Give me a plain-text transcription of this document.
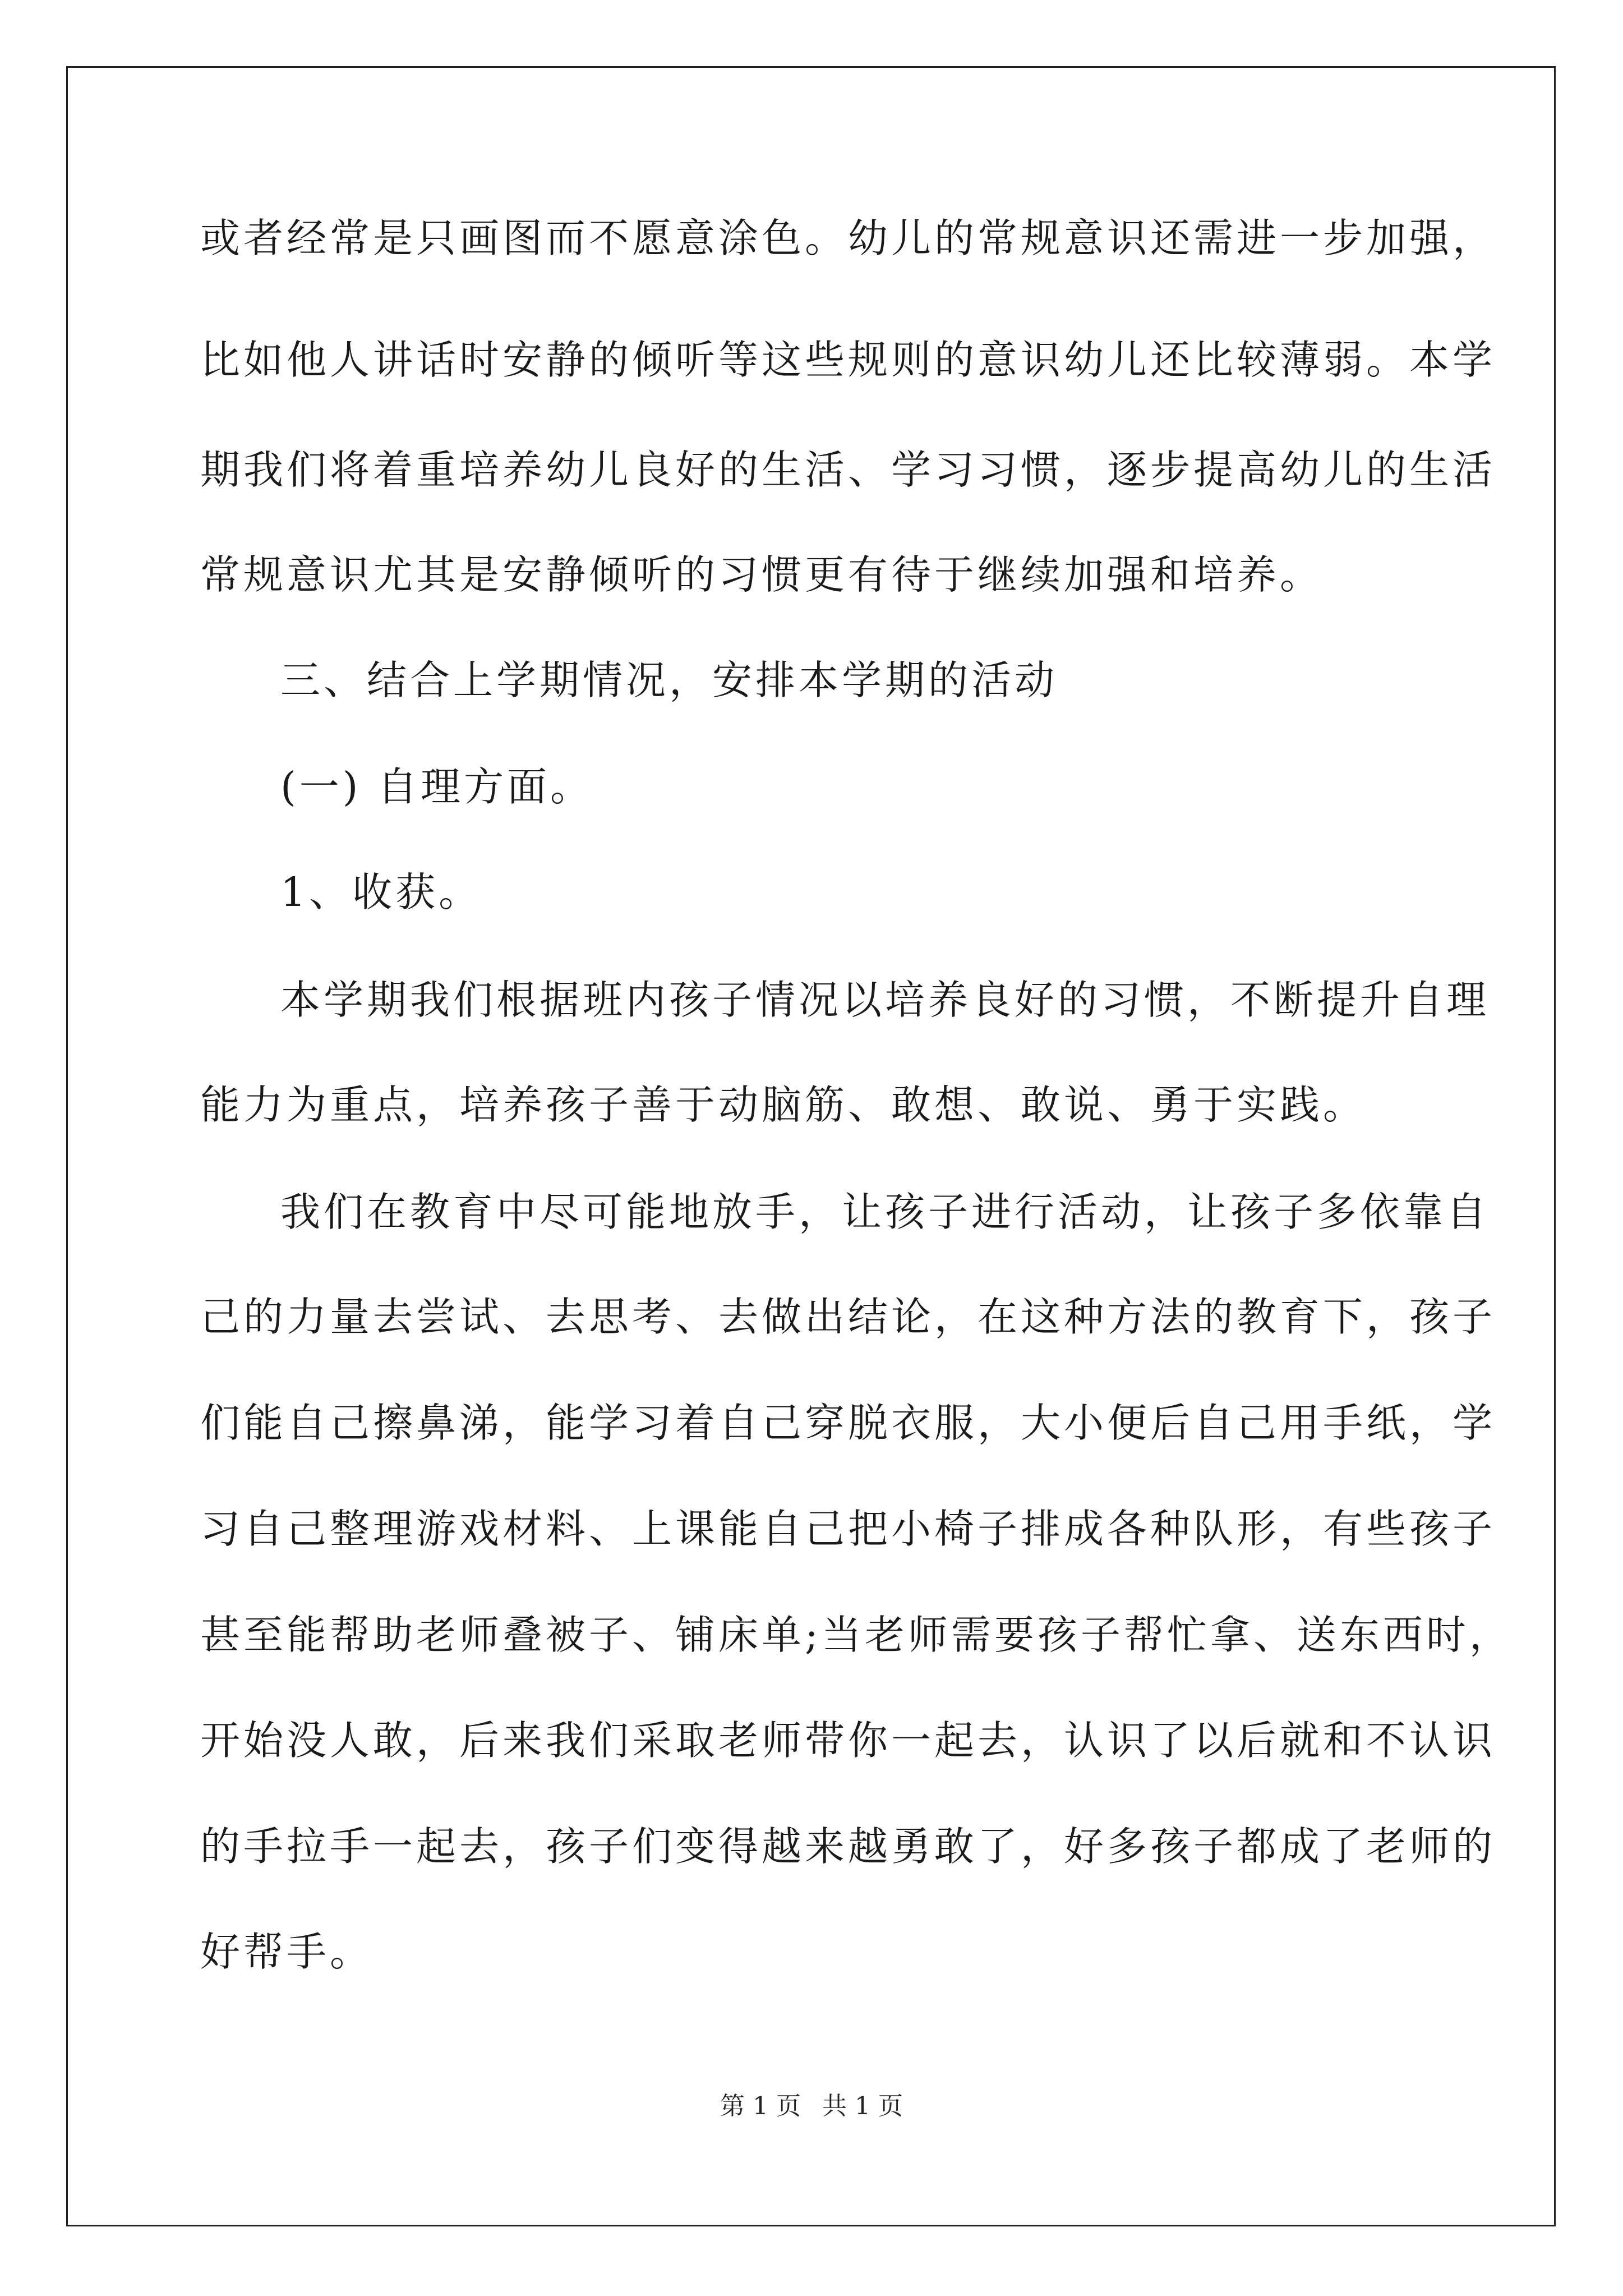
或者经常是只画图而不愿意涂色。幼儿的常规意识还需进一步加强，
比如他人讲话时安静的倾听等这些规则的意识幼儿还比较薄弱。本学
期我们将着重培养幼儿良好的生活、学习习惯，逐步提高幼儿的生活
常规意识尤其是安静倾听的习惯更有待于继续加强和培养。
三、结合上学期情况，安排本学期的活动
(一) 自理方面。
1、收获。
本学期我们根据班内孩子情况以培养良好的习惯，不断提升自理
能力为重点，培养孩子善于动脑筋、敢想、敢说、勇于实践。
我们在教育中尽可能地放手，让孩子进行活动，让孩子多依靠自
己的力量去尝试、去思考、去做出结论，在这种方法的教育下，孩子
们能自己擦鼻涕，能学习着自己穿脱衣服，大小便后自己用手纸，学
习自己整理游戏材料、上课能自己把小椅子排成各种队形，有些孩子
甚至能帮助老师叠被子、铺床单;当老师需要孩子帮忙拿、送东西时，
开始没人敢，后来我们采取老师带你一起去，认识了以后就和不认识
的手拉手一起去，孩子们变得越来越勇敢了，好多孩子都成了老师的
好帮手。
第 1 页 共 1 页
